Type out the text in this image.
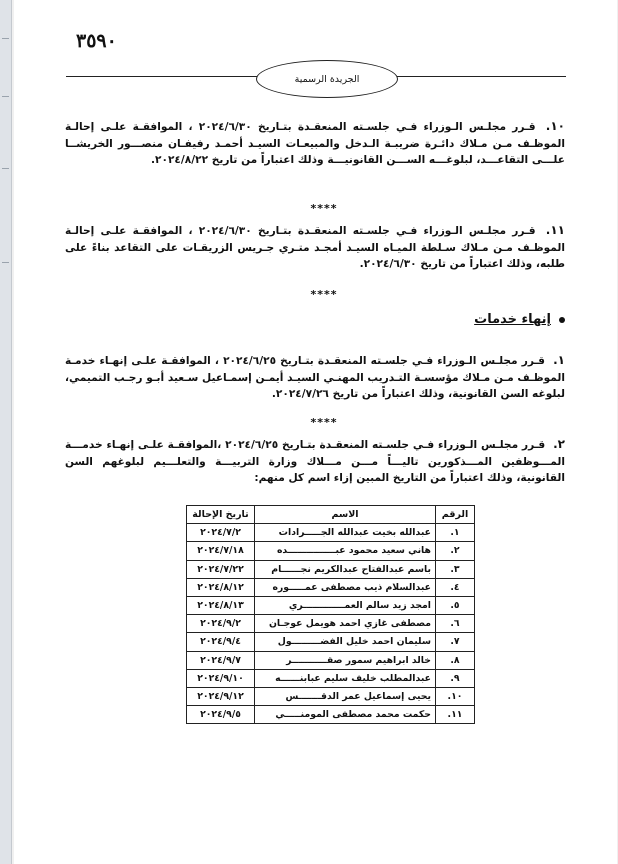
٣٥٩٠
الجريدة الرسمية
١٠. قـرر مجلـس الـوزراء فـي جلسـته المنعقـدة بتـاريخ ٢٠٢٤/٦/٣٠ ، الموافقـة علـى إحالـة الموظـف مـن مـلاك دائـرة ضريبـة الـدخل والمبيعـات السيـد أحمـد رفيفـان منصـــور الخريشــا علـــى التقاعـــد، لبلوغـــه الســـن القانونيـــة وذلك اعتباراً من تاريخ ٢٠٢٤/٨/٢٢.
****
١١. قـرر مجلـس الـوزراء فـي جلسـته المنعقـدة بتـاريخ ٢٠٢٤/٦/٣٠ ، الموافقـة علـى إحالـة الموظـف مـن مـلاك سـلطة الميـاه السيـد أمجـد متـري جـريس الزريقـات على التقاعد بناءً على طلبه، وذلك اعتباراً من تاريخ ٢٠٢٤/٦/٣٠.
****
إنهاء خدمات
١. قـرر مجلـس الـوزراء فـي جلسـته المنعقـدة بتـاريخ ٢٠٢٤/٦/٢٥ ، الموافقـة علـى إنهـاء خدمـة الموظـف مـن مـلاك مؤسسـة التـدريب المهنـي السيـد أيمـن إسمـاعيل سـعيد أبـو رجـب التميمي، لبلوغه السن القانونية، وذلك اعتباراً من تاريخ ٢٠٢٤/٧/٢٦.
****
٢. قـرر مجلـس الـوزراء فـي جلسـته المنعقـدة بتـاريخ ٢٠٢٤/٦/٢٥ ،الموافقـة علـى إنهـاء خدمـــة المـــوظفين المـــذكورين تاليـــاً مـــن مـــلاك وزارة التربيـــة والتعلـــيم لبلوغهم السن القانونية، وذلك اعتباراً من التاريخ المبين إزاء اسم كل منهم:
الرقم	الاسم	تاريخ الإحالة
١.	عبدالله بخيت عبدالله الجـــــرادات	٢٠٢٤/٧/٢
٢.	هاني سعيد محمود عبـــــــــــــــده	٢٠٢٤/٧/١٨
٣.	باسم عبدالفتاح عبدالكريم نجــــــام	٢٠٢٤/٧/٢٢
٤.	عبدالسلام ذيب مصطفى عمـــــوره	٢٠٢٤/٨/١٢
٥.	امجد زيد سالم العمـــــــــــــري	٢٠٢٤/٨/١٣
٦.	مصطفى غازي احمد هويمل عوجـان	٢٠٢٤/٩/٢
٧.	سليمان احمد خليل الفضـــــــــول	٢٠٢٤/٩/٤
٨.	خالد ابراهيم سمور صقـــــــــــر	٢٠٢٤/٩/٧
٩.	عبدالمطلب خليف سليم عبابنــــــه	٢٠٢٤/٩/١٠
١٠.	يحيى إسماعيل عمر الدقـــــــس	٢٠٢٤/٩/١٢
١١.	حكمت محمد مصطفى المومنـــــي	٢٠٢٤/٩/٥
